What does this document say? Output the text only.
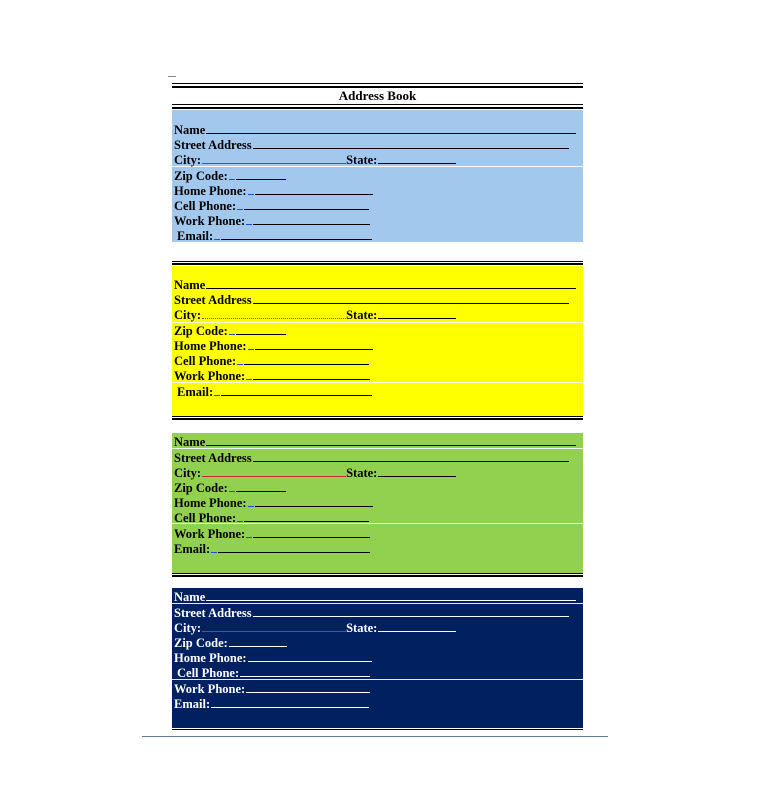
Address Book
Name
Street Address
City:	State:
Zip Code:
Home Phone:
Cell Phone:
Work Phone:
Email:
Name
Street Address
City:	State:
Zip Code:
Home Phone:
Cell Phone:
Work Phone:
Email:
Name
Street Address
City:	State:
Zip Code:
Home Phone:
Cell Phone:
Work Phone:
Email:
Name
Street Address
City:	State:
Zip Code:
Home Phone:
Cell Phone:
Work Phone:
Email:
